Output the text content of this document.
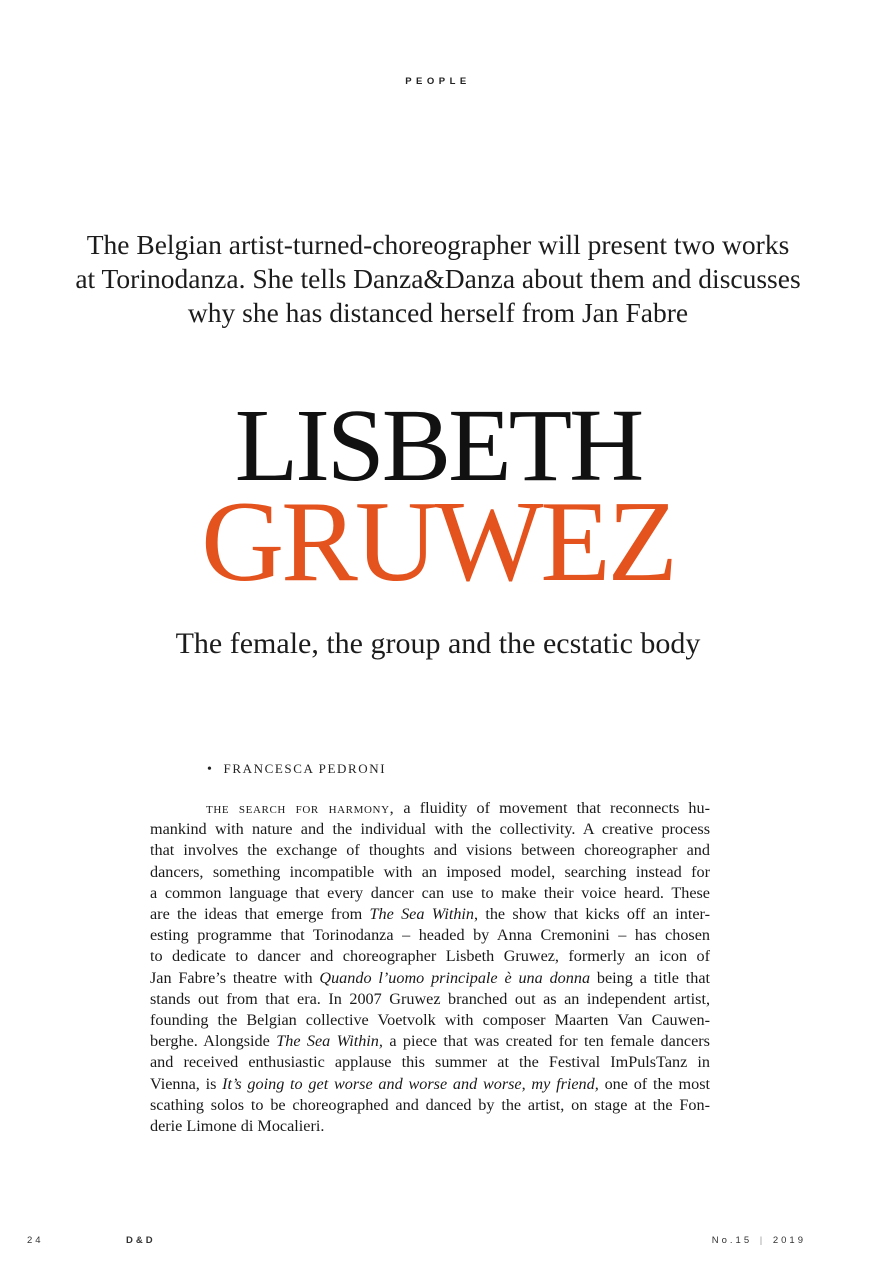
PEOPLE
The Belgian artist-turned-choreographer will present two works
at Torinodanza. She tells Danza&Danza about them and discusses
why she has distanced herself from Jan Fabre
LISBETH
GRUWEZ
The female, the group and the ecstatic body
• FRANCESCA PEDRONI
the search for harmony, a fluidity of movement that reconnects hu-
mankind with nature and the individual with the collectivity. A creative process
that involves the exchange of thoughts and visions between choreographer and
dancers, something incompatible with an imposed model, searching instead for
a common language that every dancer can use to make their voice heard. These
are the ideas that emerge from The Sea Within, the show that kicks off an inter-
esting programme that Torinodanza – headed by Anna Cremonini – has chosen
to dedicate to dancer and choreographer Lisbeth Gruwez, formerly an icon of
Jan Fabre’s theatre with Quando l’uomo principale è una donna being a title that
stands out from that era. In 2007 Gruwez branched out as an independent artist,
founding the Belgian collective Voetvolk with composer Maarten Van Cauwen-
berghe. Alongside The Sea Within, a piece that was created for ten female dancers
and received enthusiastic applause this summer at the Festival ImPulsTanz in
Vienna, is It’s going to get worse and worse and worse, my friend, one of the most
scathing solos to be choreographed and danced by the artist, on stage at the Fon-
derie Limone di Mocalieri.
24	D&D	No.15 | 2019
